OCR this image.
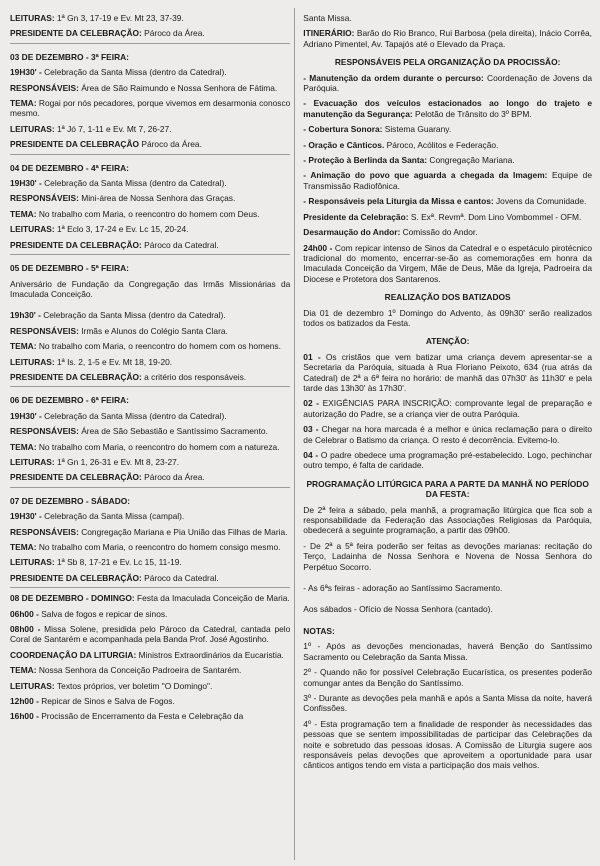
LEITURAS: 1ª Gn 3, 17-19 e Ev. Mt 23, 37-39.

PRESIDENTE DA CELEBRAÇÃO: Pároco da Área.

03 DE DEZEMBRO - 3ª FEIRA:

19H30' - Celebração da Santa Missa (dentro da Catedral).

RESPONSÁVEIS: Área de São Raimundo e Nossa Senhora de Fátima.

TEMA: Rogai por nós pecadores, porque vivemos em desarmonia conosco mesmo.

LEITURAS: 1ª Jó 7, 1-11 e Ev. Mt 7, 26-27.

PRESIDENTE DA CELEBRAÇÃO Pároco da Área.

04 DE DEZEMBRO - 4ª FEIRA:

19H30' - Celebração da Santa Missa (dentro da Catedral).

RESPONSÁVEIS: Mini-área de Nossa Senhora das Graças.

TEMA: No trabalho com Maria, o reencontro do homem com Deus.

LEITURAS: 1ª Eclo 3, 17-24 e Ev. Lc 15, 20-24.

PRESIDENTE DA CELEBRAÇÃO: Pároco da Catedral.

05 DE DEZEMBRO - 5ª FEIRA:

Aniversário de Fundação da Congregação das Irmãs Missionárias da Imaculada Conceição.

19h30' - Celebração da Santa Missa (dentro da Catedral).

RESPONSÁVEIS: Irmãs e Alunos do Colégio Santa Clara.

TEMA: No trabalho com Maria, o reencontro do homem com os homens.

LEITURAS: 1ª Is. 2, 1-5 e Ev. Mt 18, 19-20.

PRESIDENTE DA CELEBRAÇÃO: a critério dos responsáveis.

06 DE DEZEMBRO - 6ª FEIRA:

19H30' - Celebração da Santa Missa (dentro da Catedral).

RESPONSÁVEIS: Área de São Sebastião e Santíssimo Sacramento.

TEMA: No trabalho com Maria, o reencontro do homem com a natureza.

LEITURAS: 1ª Gn 1, 26-31 e Ev. Mt 8, 23-27.

PRESIDENTE DA CELEBRAÇÃO: Pároco da Área.

07 DE DEZEMBRO - SÁBADO:

19H30' - Celebração da Santa Missa (campal).

RESPONSÁVEIS: Congregação Mariana e Pia União das Filhas de Maria.

TEMA: No trabalho com Maria, o reencontro do homem consigo mesmo.

LEITURAS: 1ª Sb 8, 17-21 e Ev. Lc 15, 11-19.

PRESIDENTE DA CELEBRAÇÃO: Pároco da Catedral.

08 DE DEZEMBRO - DOMINGO: Festa da Imaculada Conceição de Maria.

06h00 - Salva de fogos e repicar de sinos.

08h00 - Missa Solene, presidida pelo Pároco da Catedral, cantada pelo Coral de Santarém e acompanhada pela Banda Prof. José Agostinho.

COORDENAÇÃO DA LITURGIA: Ministros Extraordinários da Eucaristia.

TEMA: Nossa Senhora da Conceição Padroeira de Santarém.

LEITURAS: Textos próprios, ver boletim "O Domingo".

12h00 - Repicar de Sinos e Salva de Fogos.

16h00 - Procissão de Encerramento da Festa e Celebração da

Santa Missa.

ITINERÁRIO: Barão do Rio Branco, Rui Barbosa (pela direita), Inácio Corrêa, Adriano Pimentel, Av. Tapajós até o Elevado da Praça.

RESPONSÁVEIS PELA ORGANIZAÇÃO DA PROCISSÃO:

- Manutenção da ordem durante o percurso: Coordenação de Jovens da Paróquia.

- Evacuação dos veículos estacionados ao longo do trajeto e manutenção da Segurança: Pelotão de Trânsito do 3º BPM.

- Cobertura Sonora: Sistema Guarany.

- Oração e Cânticos. Pároco, Acólitos e Federação.

- Proteção à Berlinda da Santa: Congregação Mariana.

- Animação do povo que aguarda a chegada da Imagem: Equipe de Transmissão Radiofônica.

- Responsáveis pela Liturgia da Missa e cantos: Jovens da Comunidade.

Presidente da Celebração: S. Exª. Revmª. Dom Lino Vombommel - OFM.

Desarmaução do Andor: Comissão do Andor.

24h00 - Com repicar intenso de Sinos da Catedral e o espetáculo pirotécnico tradicional do momento, encerrar-se-ão as comemorações em honra da Imaculada Conceição da Virgem, Mãe de Deus, Mãe da Igreja, Padroeira da Diocese e Protetora dos Santarenos.

REALIZAÇÃO DOS BATIZADOS

Dia 01 de dezembro 1º Domingo do Advento, às 09h30' serão realizados todos os batizados da Festa.

ATENÇÃO:

01 - Os cristãos que vem batizar uma criança devem apresentar-se a Secretaria da Paróquia, situada à Rua Floriano Peixoto, 634 (rua atrás da Catedral) de 2ª a 6ª feira no horário: de manhã das 07h30' às 11h30' e pela tarde das 13h30' às 17h30'.

02 - EXIGÊNCIAS PARA INSCRIÇÃO: comprovante legal de preparação e autorização do Padre, se a criança vier de outra Paróquia.

03 - Chegar na hora marcada é a melhor e única reclamação para o direito de Celebrar o Batismo da criança. O resto é decorrência. Evitemo-lo.

04 - O padre obedece uma programação pré-estabelecido. Logo, pechinchar outro tempo, é falta de caridade.

PROGRAMAÇÃO LITÚRGICA PARA A PARTE DA MANHÃ NO PERÍODO DA FESTA:

De 2ª feira a sábado, pela manhã, a programação litúrgica que fica sob a responsabilidade da Federação das Associações Religiosas da Paróquia, obedecerá a seguinte programação, a partir das 09h00.

- De 2ª a 5ª feira poderão ser feitas as devoções marianas: recitação do Terço, Ladainha de Nossa Senhora e Novena de Nossa Senhora do Perpétuo Socorro.

- As 6ªs feiras - adoração ao Santíssimo Sacramento.

Aos sábados - Ofício de Nossa Senhora (cantado).

NOTAS:

1º - Após as devoções mencionadas, haverá Benção do Santíssimo Sacramento ou Celebração da Santa Missa.

2º - Quando não for possível Celebração Eucarística, os presentes poderão comungar antes da Benção do Santíssimo.

3º - Durante as devoções pela manhã e após a Santa Missa da noite, haverá Confissões.

4º - Esta programação tem a finalidade de responder às necessidades das pessoas que se sentem impossibilitadas de participar das Celebrações da noite e sobretudo das pessoas idosas. A Comissão de Liturgia sugere aos responsáveis pelas devoções que aproveitem a oportunidade para usar cânticos antigos tendo em vista a participação dos mais velhos.
